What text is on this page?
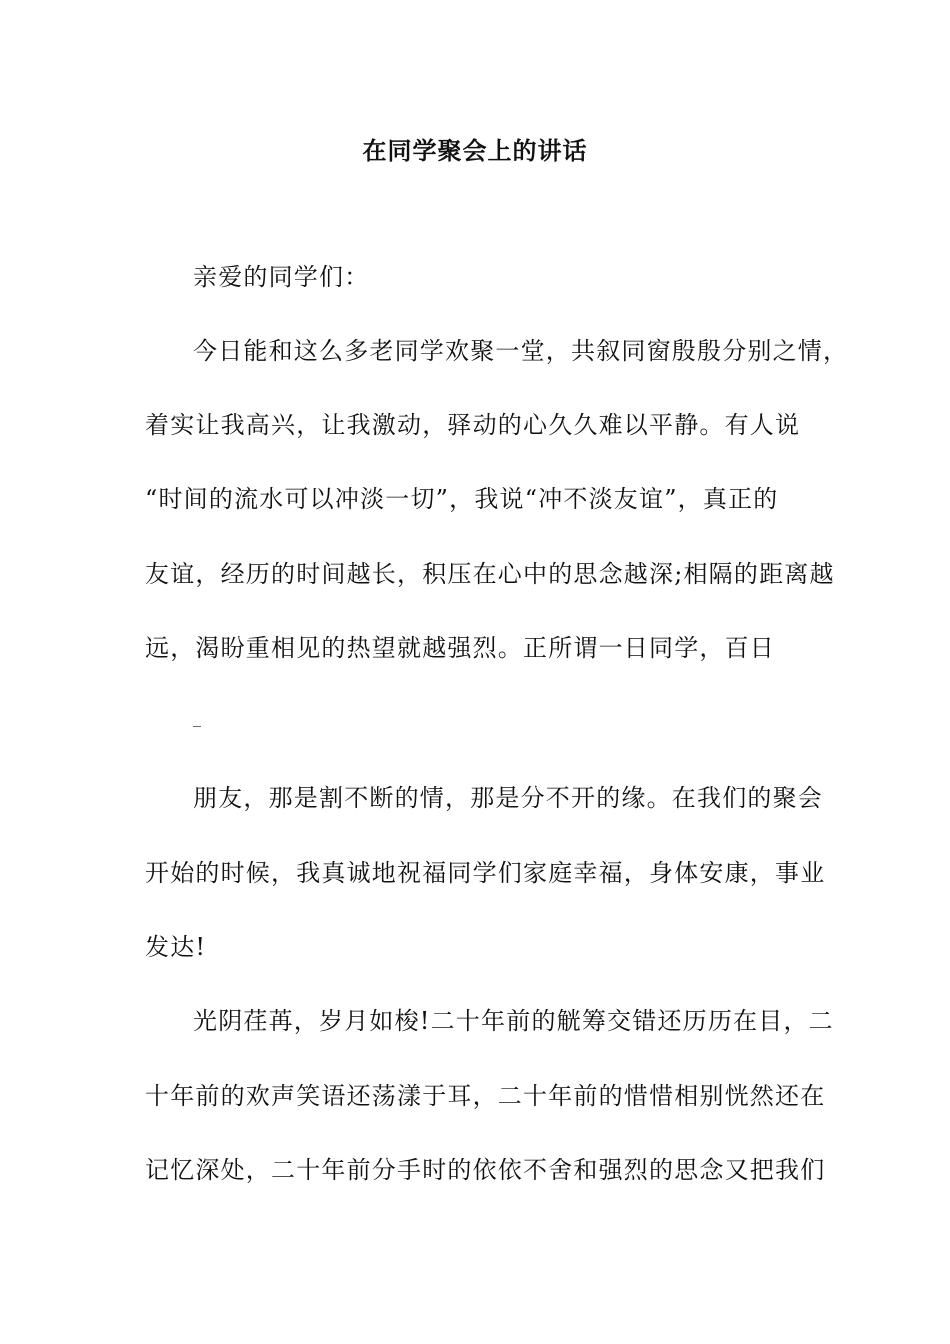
在同学聚会上的讲话
亲爱的同学们：
今日能和这么多老同学欢聚一堂，共叙同窗殷殷分别之情，
着实让我高兴，让我激动，驿动的心久久难以平静。有人说
“时间的流水可以冲淡一切”，我说“冲不淡友谊”，真正的
友谊，经历的时间越长，积压在心中的思念越深;相隔的距离越
远，渴盼重相见的热望就越强烈。正所谓一日同学，百日
_
朋友，那是割不断的情，那是分不开的缘。在我们的聚会
开始的时候，我真诚地祝福同学们家庭幸福，身体安康，事业
发达!
光阴荏苒，岁月如梭!二十年前的觥筹交错还历历在目，二
十年前的欢声笑语还荡漾于耳，二十年前的惜惜相别恍然还在
记忆深处，二十年前分手时的依依不舍和强烈的思念又把我们
